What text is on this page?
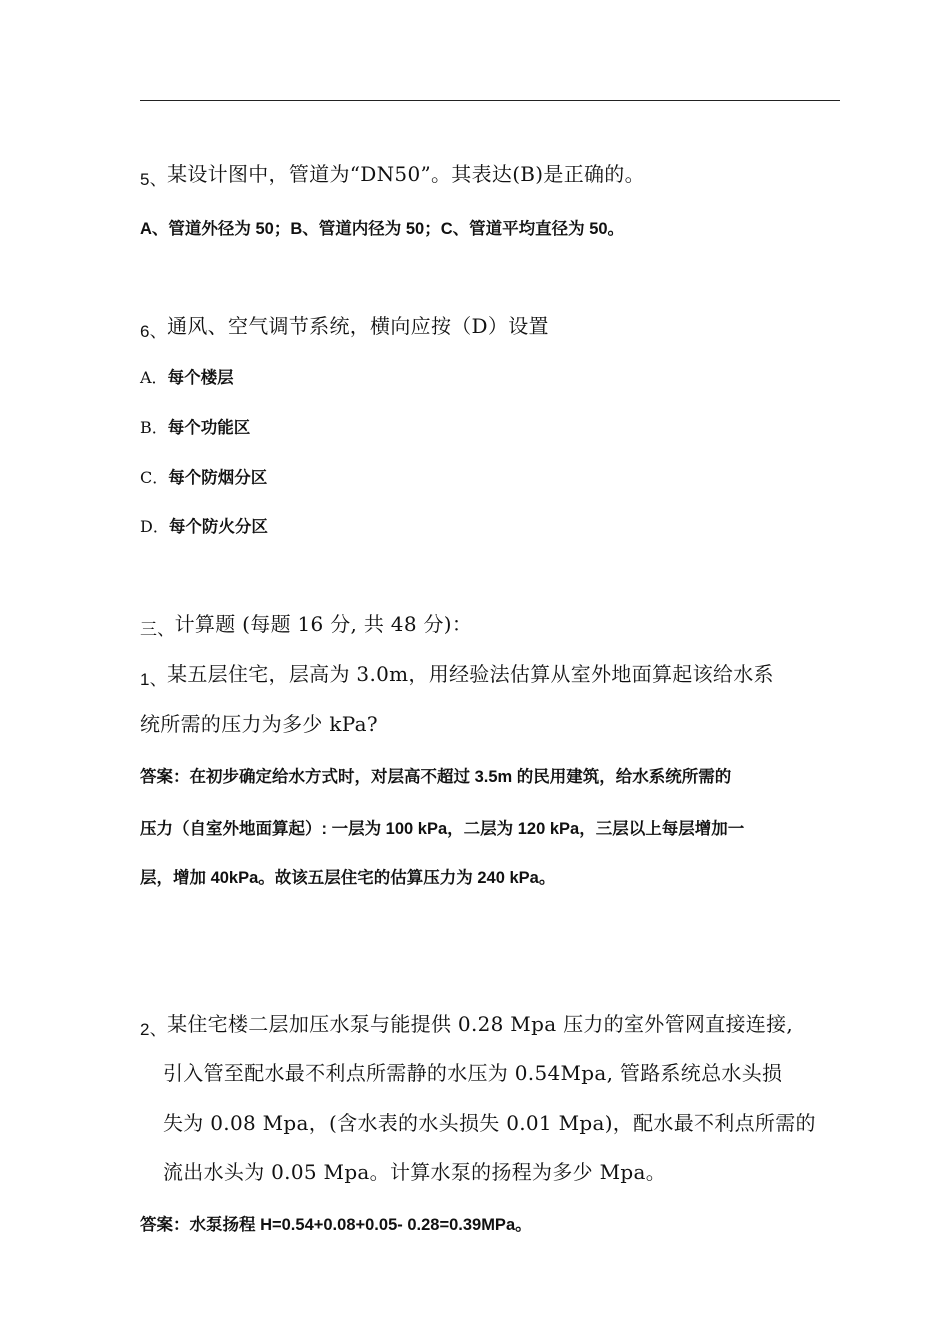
$_{5、}$某设计图中，管道为“DN50”。其表达(B)是正确的。
A、管道外径为 50；B、管道内径为 50；C、管道平均直径为 50。
$_{6、}$通风、空气调节系统，横向应按（D）设置
A．每个楼层
B．每个功能区
C．每个防烟分区
D．每个防火分区
$_{三、}$计算题 (每题 16 分, 共 48 分)：
$_{1、}$某五层住宅，层高为 3.0m，用经验法估算从室外地面算起该给水系
统所需的压力为多少 kPa?
答案：在初步确定给水方式时，对层高不超过 3.5m 的民用建筑，给水系统所需的
压力（自室外地面算起）: 一层为 100 kPa，二层为 120 kPa，三层以上每层增加一
层，增加 40kPa。故该五层住宅的估算压力为 240 kPa。
$_{2、}$某住宅楼二层加压水泵与能提供 0.28 Mpa 压力的室外管网直接连接,
引入管至配水最不利点所需静的水压为 0.54Mpa, 管路系统总水头损
失为 0.08 Mpa，(含水表的水头损失 0.01 Mpa)，配水最不利点所需的
流出水头为 0.05 Mpa。计算水泵的扬程为多少 Mpa。
答案：水泵扬程 H=0.54+0.08+0.05- 0.28=0.39MPa。
